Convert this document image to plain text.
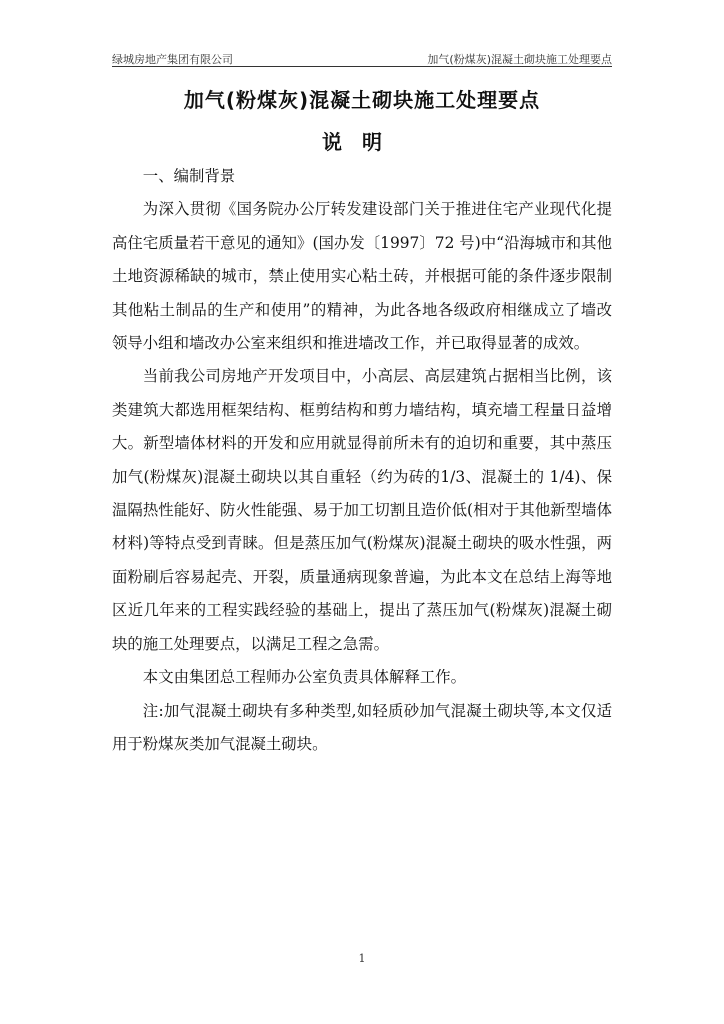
绿城房地产集团有限公司	加气(粉煤灰)混凝土砌块施工处理要点
加气(粉煤灰)混凝土砌块施工处理要点
说明
一、编制背景

为深入贯彻《国务院办公厅转发建设部门关于推进住宅产业现代化提高住宅质量若干意见的通知》(国办发〔1997〕72 号)中“沿海城市和其他土地资源稀缺的城市，禁止使用实心粘土砖，并根据可能的条件逐步限制其他粘土制品的生产和使用”的精神，为此各地各级政府相继成立了墙改领导小组和墙改办公室来组织和推进墙改工作，并已取得显著的成效。

当前我公司房地产开发项目中，小高层、高层建筑占据相当比例，该类建筑大都选用框架结构、框剪结构和剪力墙结构，填充墙工程量日益增大。新型墙体材料的开发和应用就显得前所未有的迫切和重要，其中蒸压加气(粉煤灰)混凝土砌块以其自重轻（约为砖的1/3、混凝土的 1/4)、保温隔热性能好、防火性能强、易于加工切割且造价低(相对于其他新型墙体材料)等特点受到青睐。但是蒸压加气(粉煤灰)混凝土砌块的吸水性强，两面粉刷后容易起壳、开裂，质量通病现象普遍，为此本文在总结上海等地区近几年来的工程实践经验的基础上，提出了蒸压加气(粉煤灰)混凝土砌块的施工处理要点，以满足工程之急需。

本文由集团总工程师办公室负责具体解释工作。

注:加气混凝土砌块有多种类型,如轻质砂加气混凝土砌块等,本文仅适用于粉煤灰类加气混凝土砌块。

1
